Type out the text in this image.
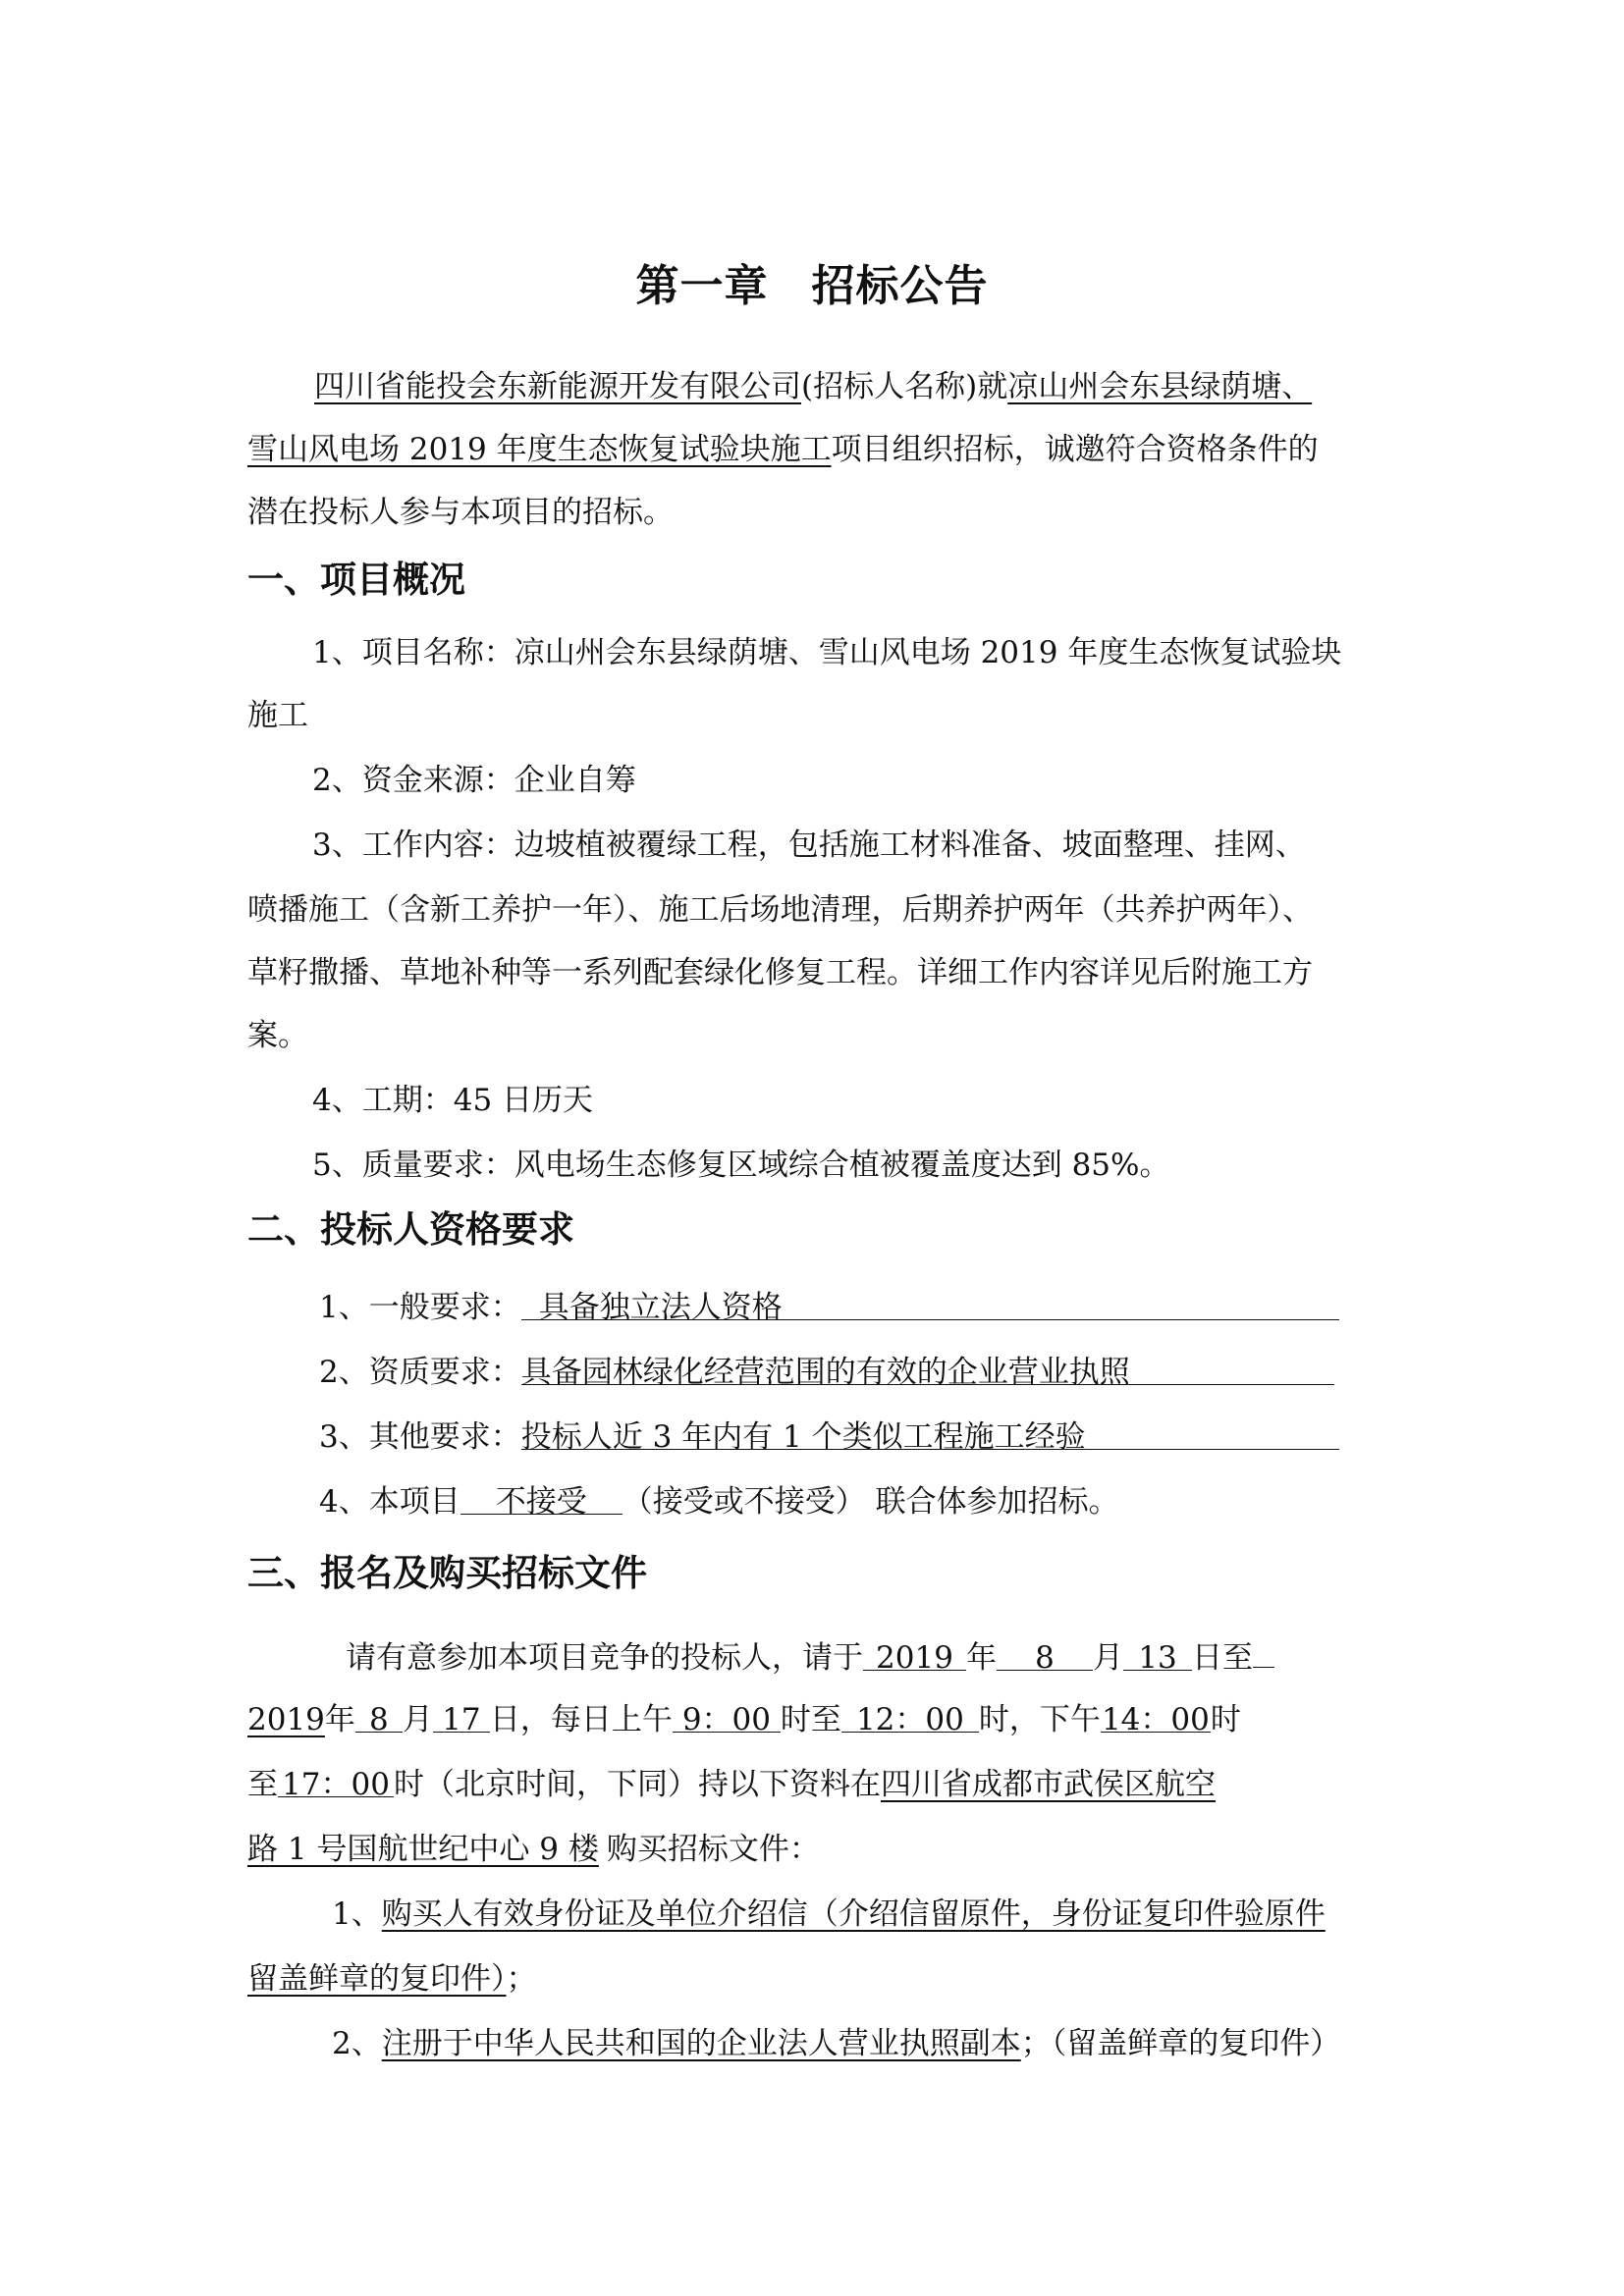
第一章 招标公告
四川省能投会东新能源开发有限公司(招标人名称)就凉山州会东县绿荫塘、
雪山风电场 2019 年度生态恢复试验块施工项目组织招标，诚邀符合资格条件的
潜在投标人参与本项目的招标。
一、项目概况
1、项目名称：凉山州会东县绿荫塘、雪山风电场 2019 年度生态恢复试验块
施工
2、资金来源：企业自筹
3、工作内容：边坡植被覆绿工程，包括施工材料准备、坡面整理、挂网、
喷播施工（含新工养护一年）、施工后场地清理，后期养护两年（共养护两年）、
草籽撒播、草地补种等一系列配套绿化修复工程。详细工作内容详见后附施工方
案。
4、工期：45 日历天
5、质量要求：风电场生态修复区域综合植被覆盖度达到 85%。
二、投标人资格要求
1、一般要求： 具备独立法人资格
2、资质要求：具备园林绿化经营范围的有效的企业营业执照
3、其他要求：投标人近 3 年内有 1 个类似工程施工经验
4、本项目 不接受 （接受或不接受） 联合体参加招标。
三、报名及购买招标文件
请有意参加本项目竞争的投标人，请于 2019 年 8 月 13 日至
2019年 8 月 17 日，每日上午 9：00 时至 12：00 时，下午14：00时
至 17：00 时（北京时间，下同）持以下资料在四川省成都市武侯区航空
路 1 号国航世纪中心 9 楼 购买招标文件：
1、购买人有效身份证及单位介绍信（介绍信留原件，身份证复印件验原件
留盖鲜章的复印件）；
2、注册于中华人民共和国的企业法人营业执照副本；（留盖鲜章的复印件）
